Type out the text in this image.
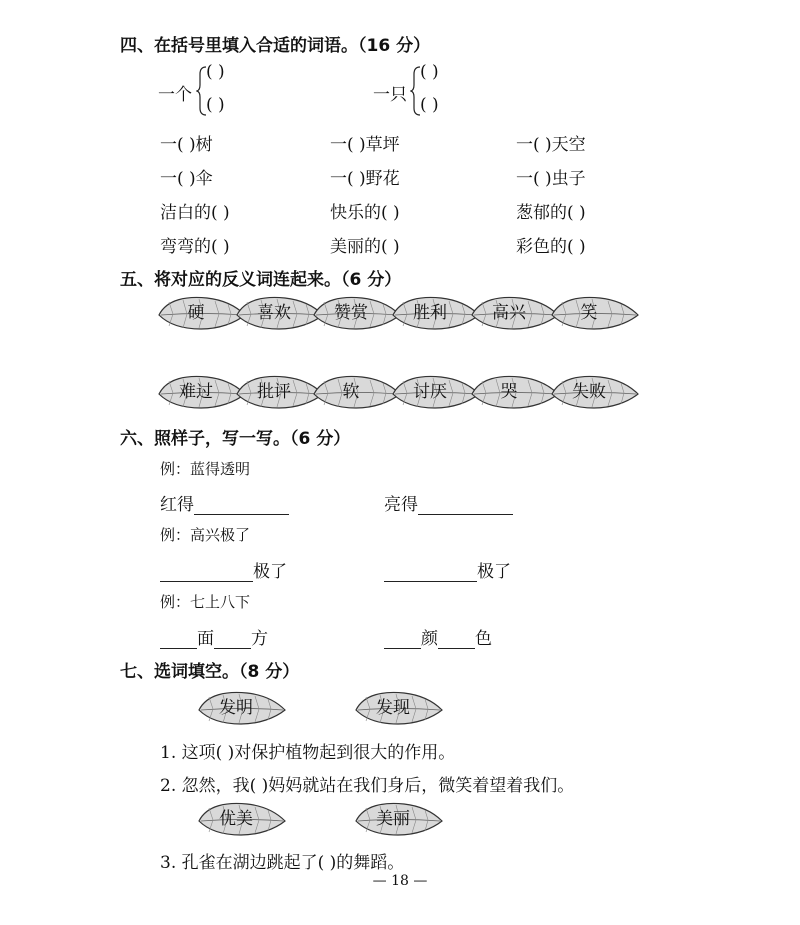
四、在括号里填入合适的词语。（16 分）
一个
( )
( )	一只
( )
( )
一( )树	一( )草坪	一( )天空
一( )伞	一( )野花	一( )虫子
洁白的( )	快乐的( )	葱郁的( )
弯弯的( )	美丽的( )	彩色的( )
五、将对应的反义词连起来。（6 分）
硬	喜欢	赞赏	胜利	高兴	笑
难过	批评	软	讨厌	哭	失败
六、照样子，写一写。（6 分）
例：蓝得透明
红得	亮得
例：高兴极了
极了	极了
例：七上八下
面 方	颜 色
七、选词填空。（8 分）
发明	发现
1. 这项( )对保护植物起到很大的作用。
2. 忽然，我( )妈妈就站在我们身后，微笑着望着我们。
优美	美丽
3. 孔雀在湖边跳起了( )的舞蹈。
— 18 —
